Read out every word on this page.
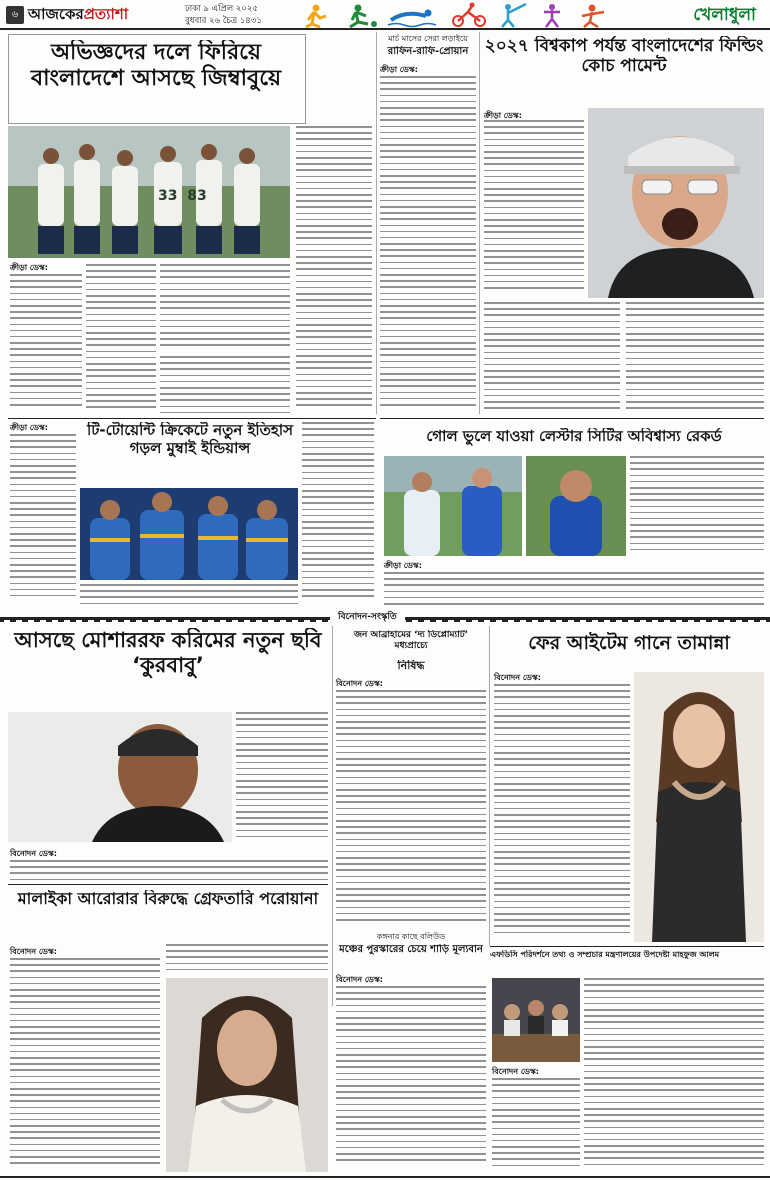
৬ আজকেরপ্রত্যাশা	ঢাকা ৯ এপ্রিল ২০২৫
বুধবার ২৬ চৈত্র ১৪৩১	খেলাধুলা
অভিজ্ঞদের দলে ফিরিয়ে বাংলাদেশে আসছে জিম্বাবুয়ে
33  83
ক্রীড়া ডেস্ক:
মার্চ মাসের সেরা লড়াইয়ে
রাফিন-রাফি-প্রোয়ান
ক্রীড়া ডেস্ক:
২০২৭ বিশ্বকাপ পর্যন্ত বাংলাদেশের ফিল্ডিং কোচ পামেন্ট
ক্রীড়া ডেস্ক:
টি-টোয়েন্টি ক্রিকেটে নতুন ইতিহাস গড়ল মুম্বাই ইন্ডিয়ান্স
ক্রীড়া ডেস্ক:	গোল ভুলে যাওয়া লেস্টার সিটির অবিশ্বাস্য রেকর্ড
ক্রীড়া ডেস্ক:
বিনোদন-সংস্কৃতি
আসছে মোশাররফ করিমের নতুন ছবি ‘কুরবাবু’
বিনোদন ডেস্ক:
জন আব্রাহামের ‘দ্য ডিপ্লোম্যাট’ মধ্যপ্রাচ্যে
নিষিদ্ধ
বিনোদন ডেস্ক:
ফের আইটেম গানে তামান্না
বিনোদন ডেস্ক:
মালাইকা আরোরার বিরুদ্ধে গ্রেফতারি পরোয়ানা
বিনোদন ডেস্ক:
কঙ্গনার কাছে বলিউড
মঞ্চের পুরস্কারের চেয়ে শাড়ি মূল্যবান
বিনোদন ডেস্ক:
এফডিসি পরিদর্শনে তথ্য ও সম্প্রচার মন্ত্রণালয়ের উপদেষ্টা মাহফুজ আলম
বিনোদন ডেস্ক:
